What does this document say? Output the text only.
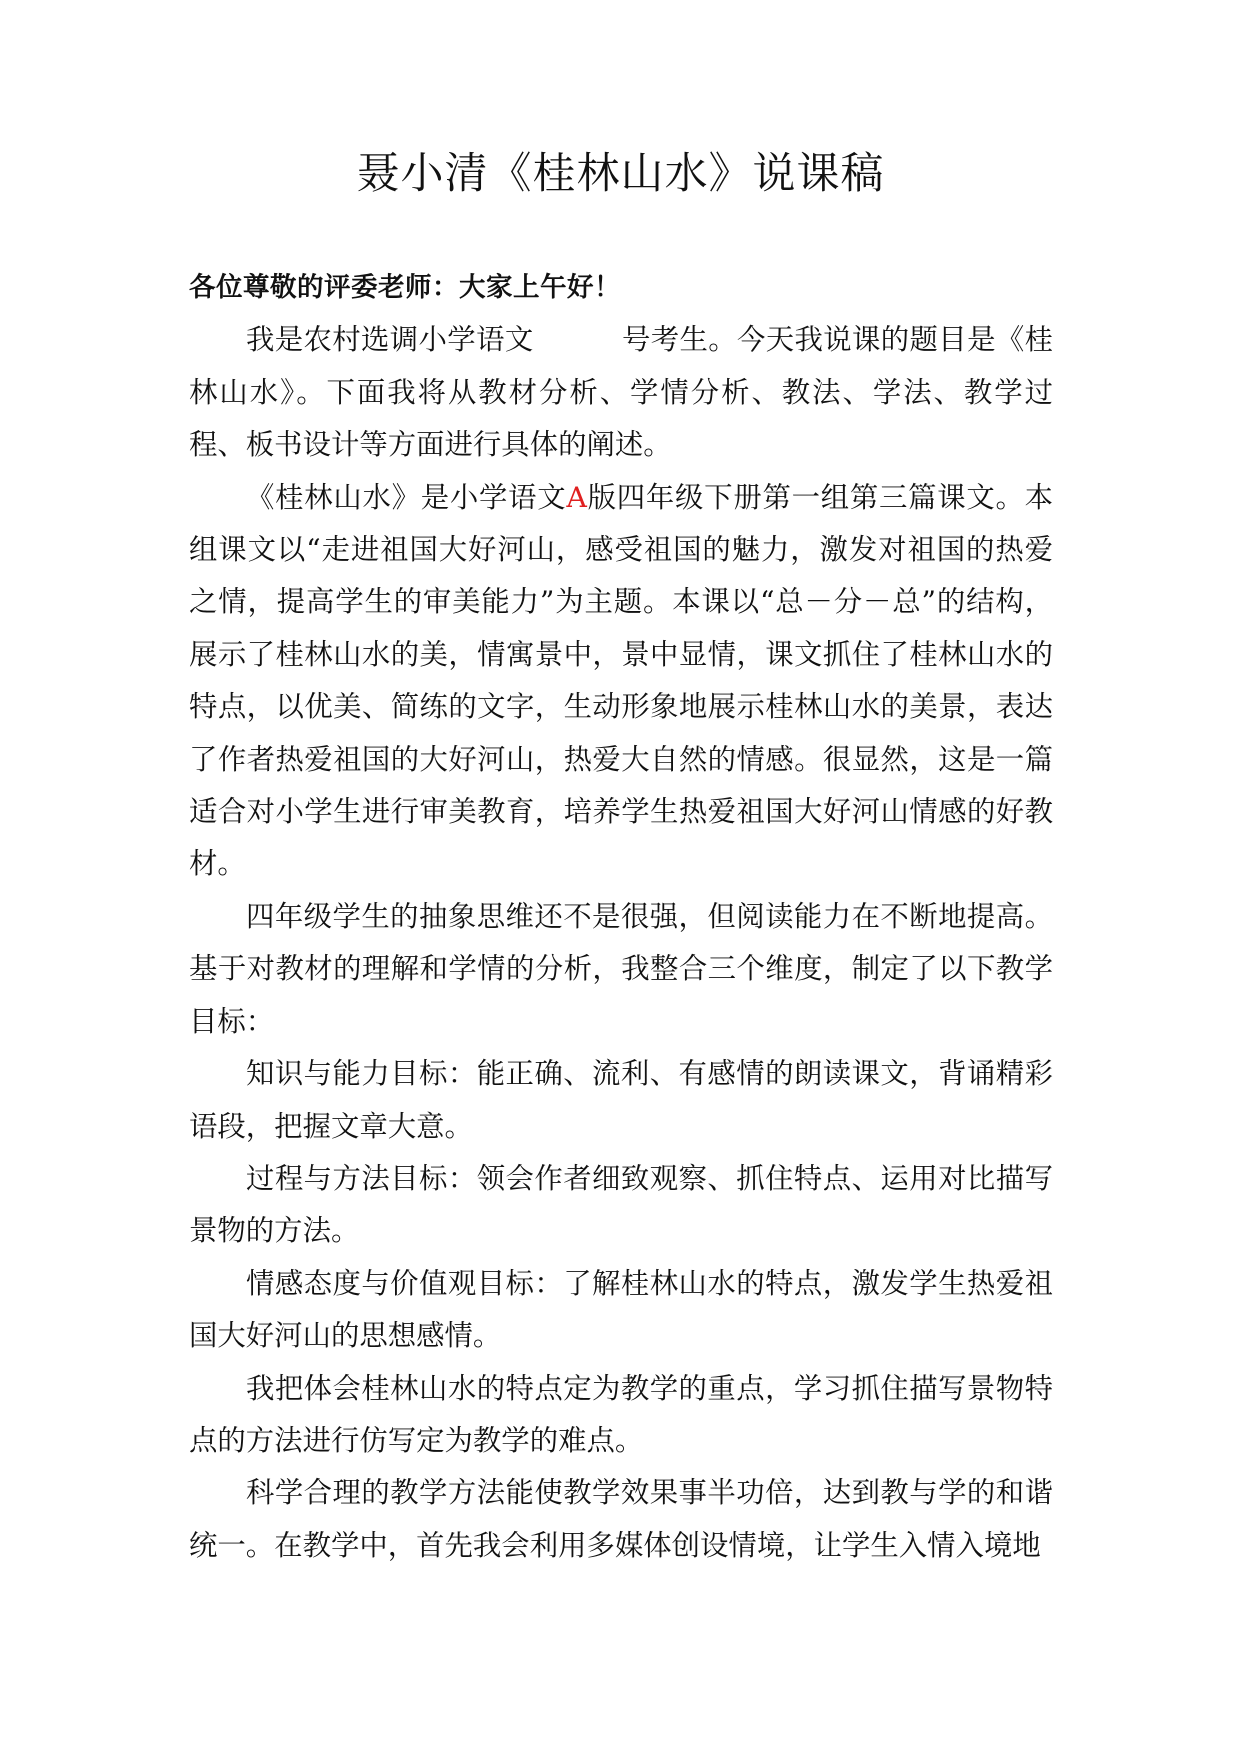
聂小清《桂林山水》说课稿

各位尊敬的评委老师：大家上午好！

我是农村选调小学语文	号考生。今天我说课的题目是《桂林山水》。下面我将从教材分析、学情分析、教法、学法、教学过程、板书设计等方面进行具体的阐述。

《桂林山水》是小学语文A版四年级下册第一组第三篇课文。本组课文以“走进祖国大好河山，感受祖国的魅力，激发对祖国的热爱之情，提高学生的审美能力”为主题。本课以“总－分－总”的结构，展示了桂林山水的美，情寓景中，景中显情，课文抓住了桂林山水的特点，以优美、简练的文字，生动形象地展示桂林山水的美景，表达了作者热爱祖国的大好河山，热爱大自然的情感。很显然，这是一篇适合对小学生进行审美教育，培养学生热爱祖国大好河山情感的好教材。

四年级学生的抽象思维还不是很强，但阅读能力在不断地提高。基于对教材的理解和学情的分析，我整合三个维度，制定了以下教学目标：

知识与能力目标：能正确、流利、有感情的朗读课文，背诵精彩语段，把握文章大意。

过程与方法目标：领会作者细致观察、抓住特点、运用对比描写景物的方法。

情感态度与价值观目标：了解桂林山水的特点，激发学生热爱祖国大好河山的思想感情。

我把体会桂林山水的特点定为教学的重点，学习抓住描写景物特点的方法进行仿写定为教学的难点。

科学合理的教学方法能使教学效果事半功倍，达到教与学的和谐统一。在教学中，首先我会利用多媒体创设情境，让学生入情入境地
